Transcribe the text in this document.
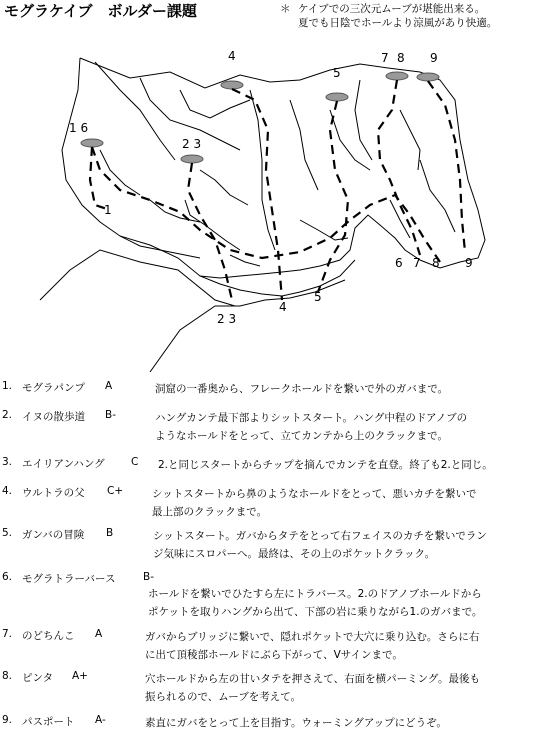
モグラケイブ　ボルダー課題	＊ ケイブでの三次元ムーブが堪能出来る。
夏でも日陰でホールより涼風があり快適。
4
5
7 8 9
1 6
2 3
1
2 3
4
5
6 7 8 9
1. モグラパンプ A	洞窟の一番奥から、フレークホールドを繋いで外のガバまで。
2. イヌの散歩道 B-	ハングカンテ最下部よりシットスタート。ハング中程のドアノブの
ようなホールドをとって、立てカンテから上のクラックまで。
3. エイリアンハング	C 2.と同じスタートからチップを摘んでカンテを直登。終了も2.と同じ。
4. ウルトラの父 C+	シットスタートから鼻のようなホールドをとって、悪いカチを繋いで
最上部のクラックまで。
5. ガンバの冒険 B	シットスタート。ガバからタテをとって右フェイスのカチを繋いでラン
ジ気味にスロパーへ。最終は、その上のポケットクラック。
6. モグラトラーバース	B-
ホールドを繋いでひたすら左にトラバース。2.のドアノブホールドから
ポケットを取りハングから出て、下部の岩に乗りながら1.のガバまで。
7. のどちんこ A	ガバからブリッジに繋いで、隠れポケットで大穴に乗り込む。さらに右
に出て頂稜部ホールドにぶら下がって、Vサインまで。
8. ピンタ A+	穴ホールドから左の甘いタテを押さえて、右面を横パーミング。最後も
振られるので、ムーブを考えて。
9. パスポート A-	素直にガバをとって上を目指す。ウォーミングアップにどうぞ。
